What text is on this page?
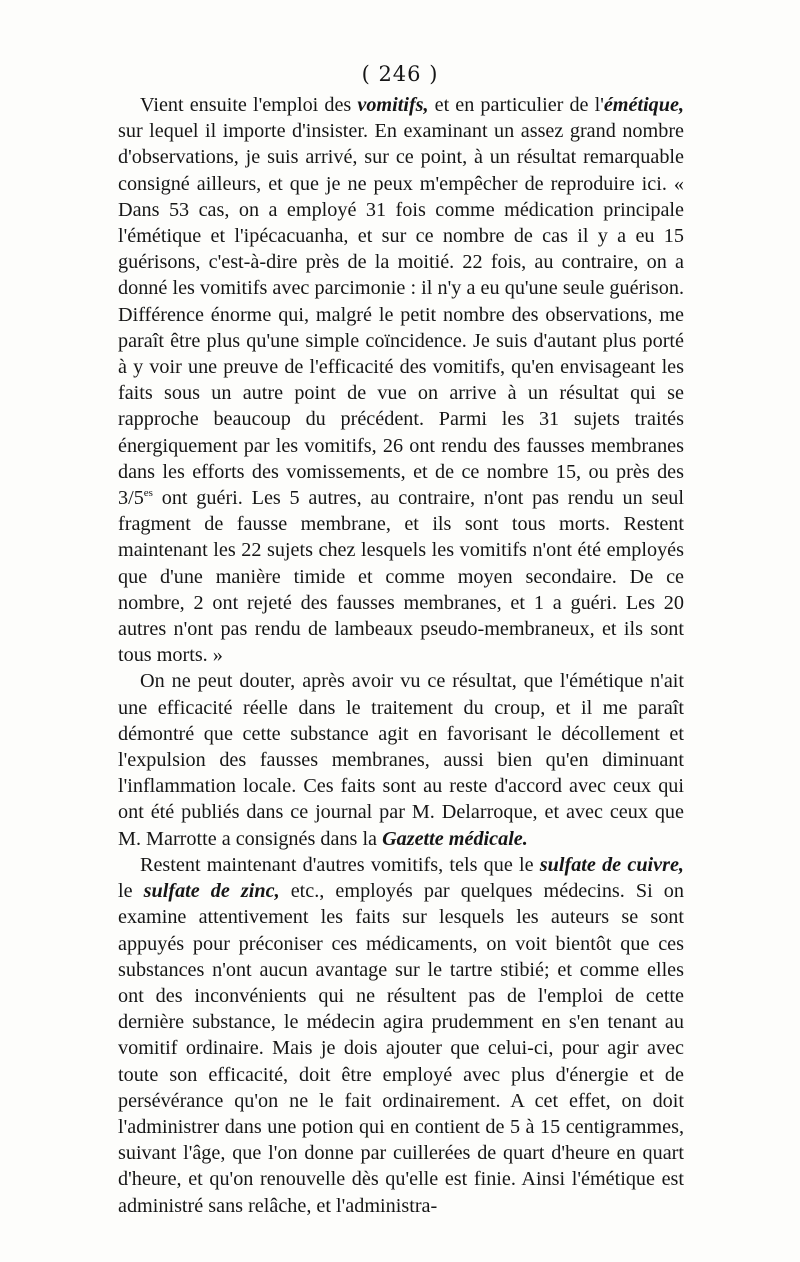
( 246 )

Vient ensuite l'emploi des vomitifs, et en particulier de l'émétique, sur lequel il importe d'insister. En examinant un assez grand nombre d'observations, je suis arrivé, sur ce point, à un résultat remarquable consigné ailleurs, et que je ne peux m'empêcher de reproduire ici. « Dans 53 cas, on a employé 31 fois comme médication principale l'émétique et l'ipécacuanha, et sur ce nombre de cas il y a eu 15 guérisons, c'est-à-dire près de la moitié. 22 fois, au contraire, on a donné les vomitifs avec parcimonie : il n'y a eu qu'une seule guérison. Différence énorme qui, malgré le petit nombre des observations, me paraît être plus qu'une simple coïncidence. Je suis d'autant plus porté à y voir une preuve de l'efficacité des vomitifs, qu'en envisageant les faits sous un autre point de vue on arrive à un résultat qui se rapproche beaucoup du précédent. Parmi les 31 sujets traités énergiquement par les vomitifs, 26 ont rendu des fausses membranes dans les efforts des vomissements, et de ce nombre 15, ou près des $3/5^{es}$ ont guéri. Les 5 autres, au contraire, n'ont pas rendu un seul fragment de fausse membrane, et ils sont tous morts. Restent maintenant les 22 sujets chez lesquels les vomitifs n'ont été employés que d'une manière timide et comme moyen secondaire. De ce nombre, 2 ont rejeté des fausses membranes, et 1 a guéri. Les 20 autres n'ont pas rendu de lambeaux pseudo-membraneux, et ils sont tous morts. »

On ne peut douter, après avoir vu ce résultat, que l'émétique n'ait une efficacité réelle dans le traitement du croup, et il me paraît démontré que cette substance agit en favorisant le décollement et l'expulsion des fausses membranes, aussi bien qu'en diminuant l'inflammation locale. Ces faits sont au reste d'accord avec ceux qui ont été publiés dans ce journal par M. Delarroque, et avec ceux que M. Marrotte a consignés dans la Gazette médicale.

Restent maintenant d'autres vomitifs, tels que le sulfate de cuivre, le sulfate de zinc, etc., employés par quelques médecins. Si on examine attentivement les faits sur lesquels les auteurs se sont appuyés pour préconiser ces médicaments, on voit bientôt que ces substances n'ont aucun avantage sur le tartre stibié; et comme elles ont des inconvénients qui ne résultent pas de l'emploi de cette dernière substance, le médecin agira prudemment en s'en tenant au vomitif ordinaire. Mais je dois ajouter que celui-ci, pour agir avec toute son efficacité, doit être employé avec plus d'énergie et de persévérance qu'on ne le fait ordinairement. A cet effet, on doit l'administrer dans une potion qui en contient de 5 à 15 centigrammes, suivant l'âge, que l'on donne par cuillerées de quart d'heure en quart d'heure, et qu'on renouvelle dès qu'elle est finie. Ainsi l'émétique est administré sans relâche, et l'administra-
